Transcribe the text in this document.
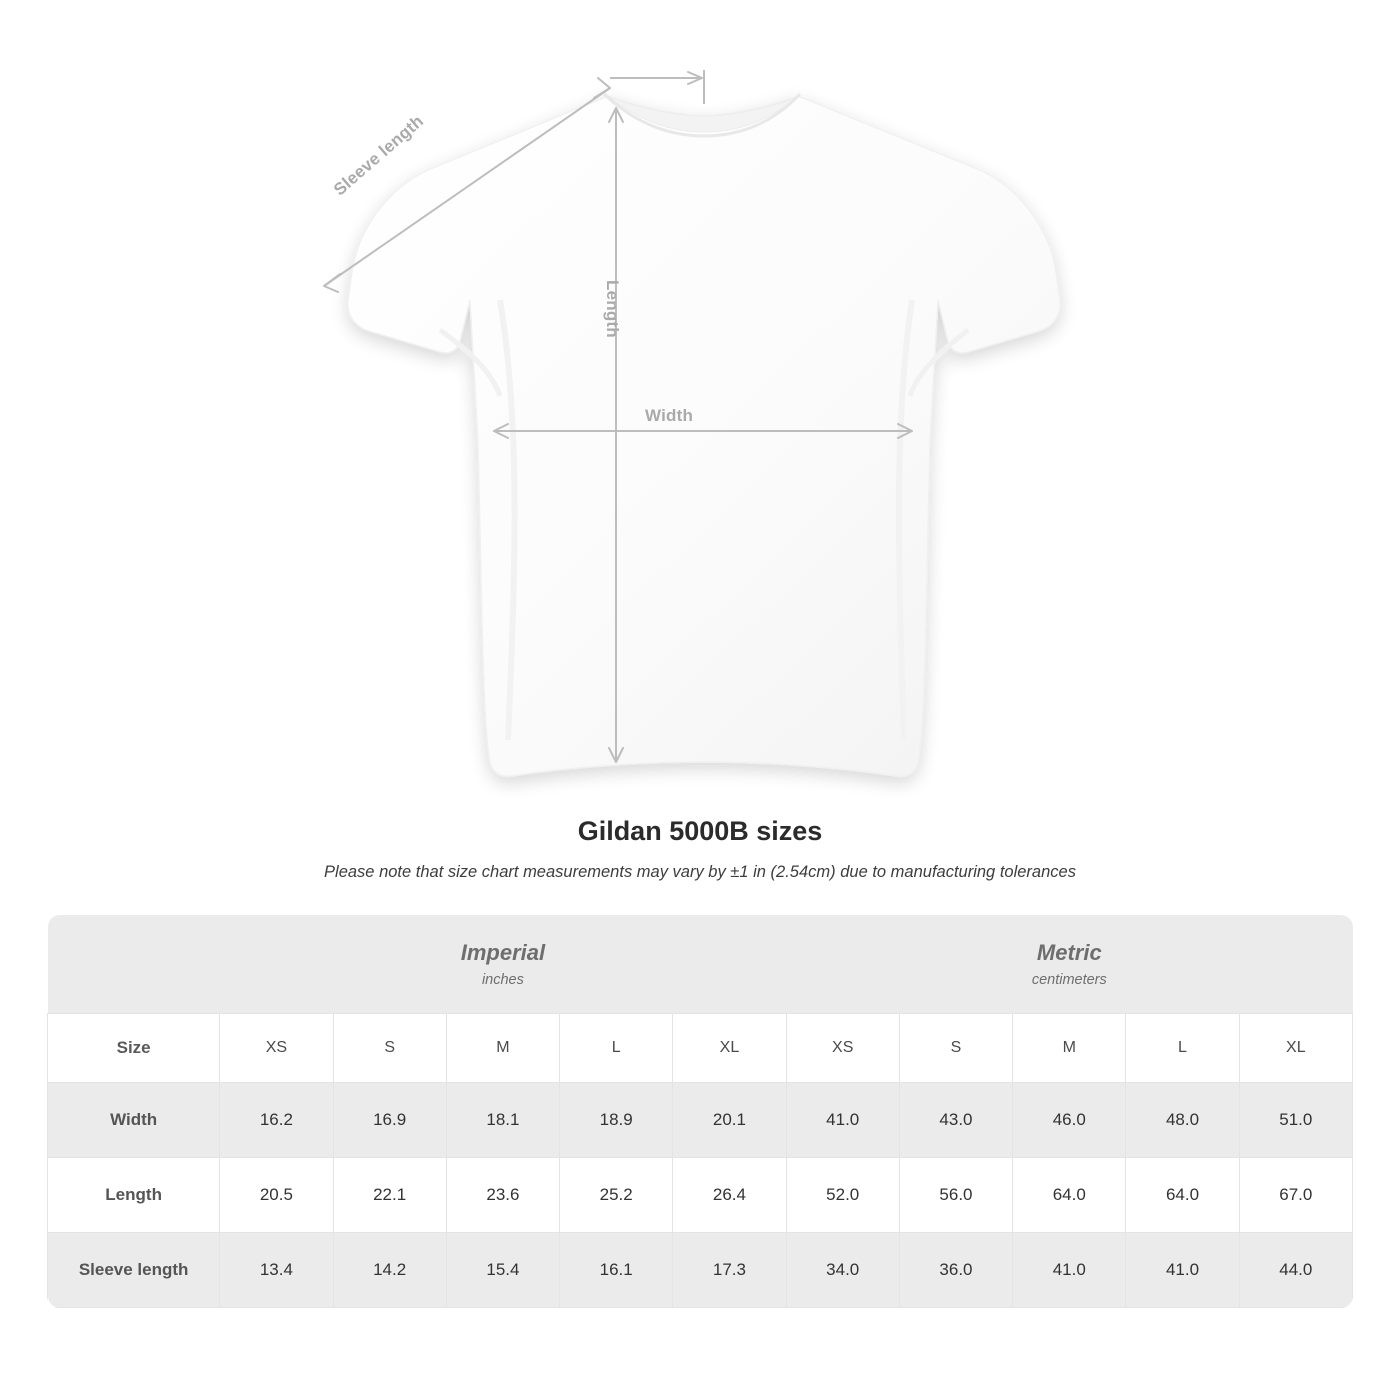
Sleeve length
Length
Width
Gildan 5000B sizes
Please note that size chart measurements may vary by ±1 in (2.54cm) due to manufacturing tolerances

Imperial
inches

Metric
centimeters

Size	XS	S	M	L	XL	XS	S	M	L	XL
Width	16.2	16.9	18.1	18.9	20.1	41.0	43.0	46.0	48.0	51.0
Length	20.5	22.1	23.6	25.2	26.4	52.0	56.0	64.0	64.0	67.0
Sleeve length	13.4	14.2	15.4	16.1	17.3	34.0	36.0	41.0	41.0	44.0
